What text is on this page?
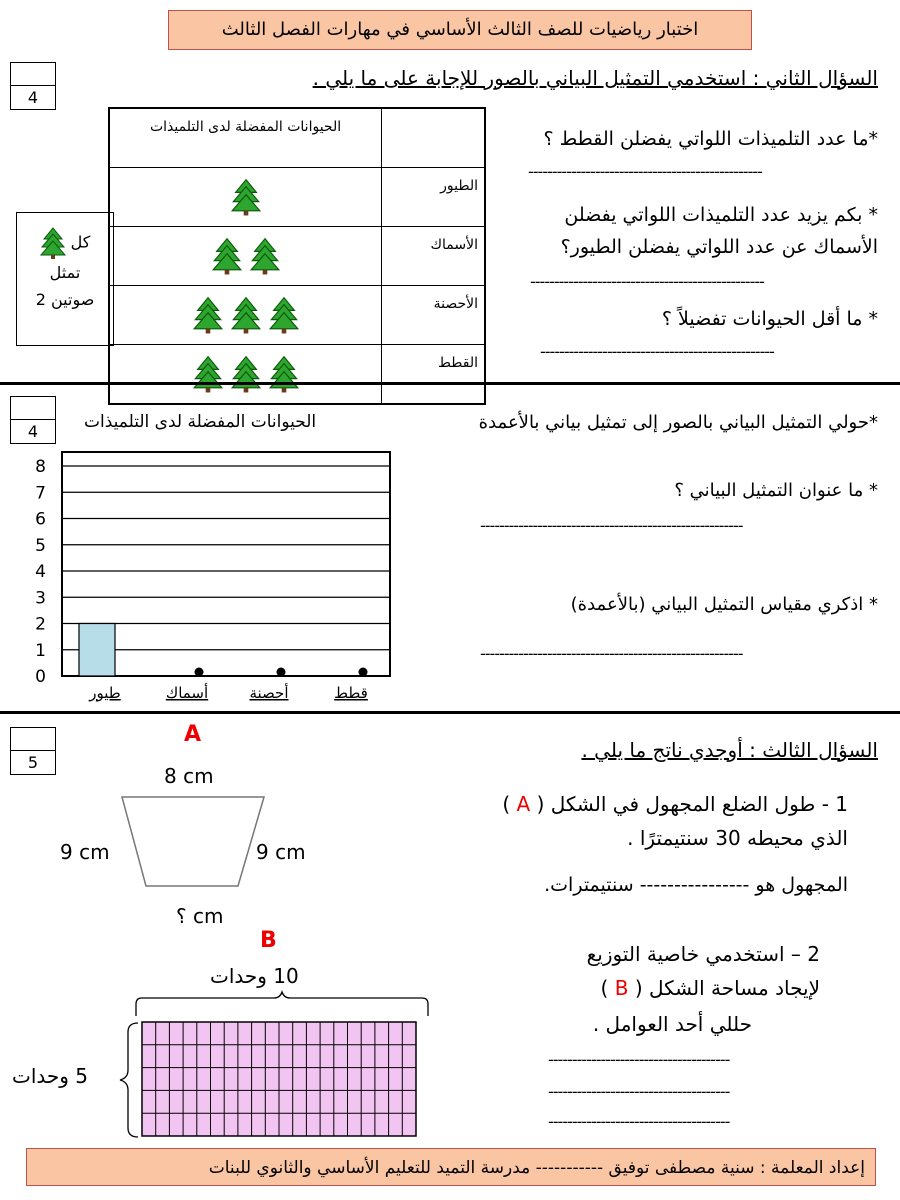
اختبار رياضيات للصف الثالث الأساسي في مهارات الفصل الثالث
4
السؤال الثاني : استخدمي التمثيل البياني بالصور للإجابة على ما يلي .
كل
تمثل
صوتين 2
	الحيوانات المفضلة لدى التلميذات
الطيور	
الأسماك	
الأحصنة	
القطط	
*ما عدد التلميذات اللواتي يفضلن القطط ؟
-------------------------------------------------
* بكم يزيد عدد التلميذات اللواتي يفضلن
الأسماك عن عدد اللواتي يفضلن الطيور؟
-------------------------------------------------
* ما أقل الحيوانات تفضيلاً ؟
-------------------------------------------------
4	الحيوانات المفضلة لدى التلميذات
0
1
2
3
4
5
6
7
8
طيور	أسماك	أحصنة	قطط
*حولي التمثيل البياني بالصور إلى تمثيل بياني بالأعمدة
* ما عنوان التمثيل البياني ؟
-------------------------------------------------------
* اذكري مقياس التمثيل البياني (بالأعمدة)
-------------------------------------------------------
5
السؤال الثالث : أوجدي ناتج ما يلي .
A
8 cm
9 cm	9 cm
؟ cm
B
10 وحدات
5 وحدات
1 - طول الضلع المجهول في الشكل ( A )
الذي محيطه 30 سنتيمترًا .
المجهول هو ---------------- سنتيمترات.
2 – استخدمي خاصية التوزيع
لإيجاد مساحة الشكل ( B )
حللي أحد العوامل .
--------------------------------------
--------------------------------------
--------------------------------------
إعداد المعلمة : سنية مصطفى توفيق ----------- مدرسة التميد للتعليم الأساسي والثانوي للبنات
